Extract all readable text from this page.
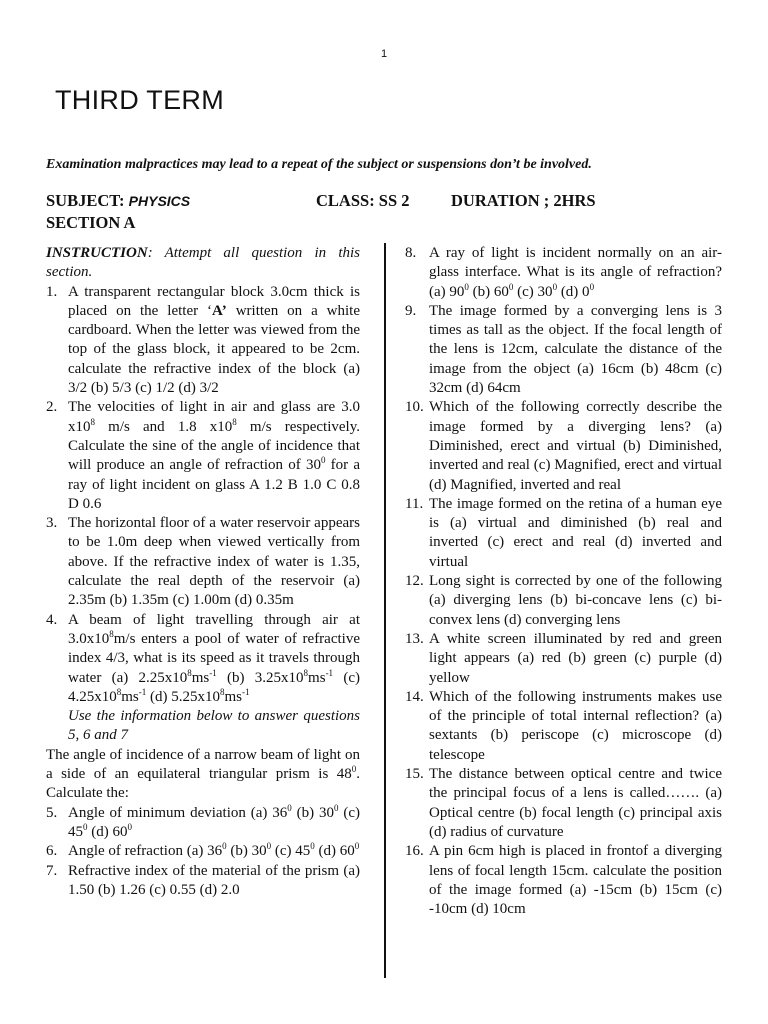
1
THIRD TERM
Examination malpractices may lead to a repeat of the subject or suspensions don’t be involved.
SUBJECT: PHYSICS	CLASS: SS 2	DURATION ; 2HRS
SECTION A

INSTRUCTION: Attempt all question in this section.

1. A transparent rectangular block 3.0cm thick is placed on the letter ‘A’ written on a white cardboard. When the letter was viewed from the top of the glass block, it appeared to be 2cm. calculate the refractive index of the block (a) 3/2 (b) 5/3 (c) 1/2 (d) 3/2
2. The velocities of light in air and glass are 3.0 $x10^8$ m/s and 1.8 $x10^8$ m/s respectively. Calculate the sine of the angle of incidence that will produce an angle of refraction of $30^0$ for a ray of light incident on glass A 1.2 B 1.0 C 0.8 D 0.6
3. The horizontal floor of a water reservoir appears to be 1.0m deep when viewed vertically from above. If the refractive index of water is 1.35, calculate the real depth of the reservoir (a) 2.35m (b) 1.35m (c) 1.00m (d) 0.35m
4. A beam of light travelling through air at $3.0x10^8m/s$ enters a pool of water of refractive index 4/3, what is its speed as it travels through water (a) $2.25x10^8ms^{-1}$ (b) $3.25x10^8ms^{-1}$ (c) $4.25x10^8ms^{-1}$ (d) $5.25x10^8ms^{-1}$

Use the information below to answer questions 5, 6 and 7

The angle of incidence of a narrow beam of light on a side of an equilateral triangular prism is $48^0$. Calculate the:

5. Angle of minimum deviation (a) $36^0$ (b) $30^0$ (c) $45^0$ (d) $60^0$
6. Angle of refraction (a) $36^0$ (b) $30^0$ (c) $45^0$ (d) $60^0$
7. Refractive index of the material of the prism (a) 1.50 (b) 1.26 (c) 0.55 (d) 2.0
8. A ray of light is incident normally on an air-glass interface. What is its angle of refraction? (a) $90^0$ (b) $60^0$ (c) $30^0$ (d) $0^0$
9. The image formed by a converging lens is 3 times as tall as the object. If the focal length of the lens is 12cm, calculate the distance of the image from the object (a) 16cm (b) 48cm (c) 32cm (d) 64cm
10. Which of the following correctly describe the image formed by a diverging lens? (a) Diminished, erect and virtual (b) Diminished, inverted and real (c) Magnified, erect and virtual (d) Magnified, inverted and real
11. The image formed on the retina of a human eye is (a) virtual and diminished (b) real and inverted (c) erect and real (d) inverted and virtual
12. Long sight is corrected by one of the following (a) diverging lens (b) bi-concave lens (c) bi-convex lens (d) converging lens
13. A white screen illuminated by red and green light appears (a) red (b) green (c) purple (d) yellow
14. Which of the following instruments makes use of the principle of total internal reflection? (a) sextants (b) periscope (c) microscope (d) telescope
15. The distance between optical centre and twice the principal focus of a lens is called……. (a) Optical centre (b) focal length (c) principal axis (d) radius of curvature
16. A pin 6cm high is placed in frontof a diverging lens of focal length 15cm. calculate the position of the image formed (a) -15cm (b) 15cm (c) -10cm (d) 10cm
